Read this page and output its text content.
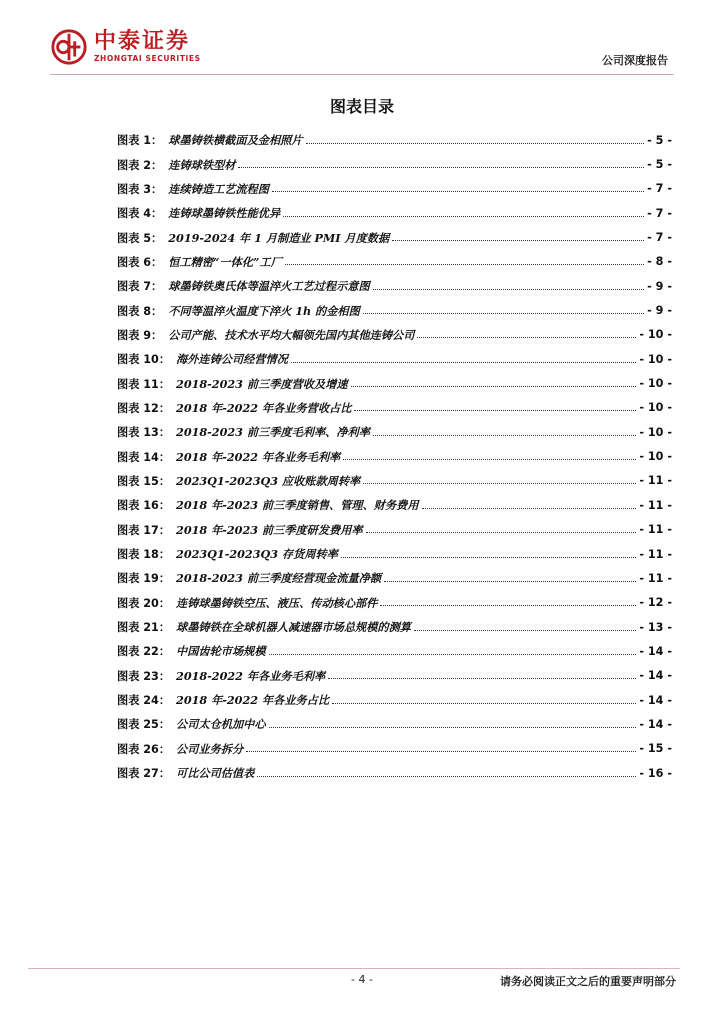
中泰证券
ZHONGTAI SECURITIES	公司深度报告
图表目录
图表 1： 球墨铸铁横截面及金相照片	- 5 -
图表 2： 连铸球铁型材	- 5 -
图表 3： 连续铸造工艺流程图	- 7 -
图表 4： 连铸球墨铸铁性能优异	- 7 -
图表 5： 2019-2024 年 1 月制造业 PMI 月度数据	- 7 -
图表 6： 恒工精密“一体化”工厂	- 8 -
图表 7： 球墨铸铁奥氏体等温淬火工艺过程示意图	- 9 -
图表 8： 不同等温淬火温度下淬火 1h 的金相图	- 9 -
图表 9： 公司产能、技术水平均大幅领先国内其他连铸公司	- 10 -
图表 10： 海外连铸公司经营情况	- 10 -
图表 11： 2018-2023 前三季度营收及增速	- 10 -
图表 12： 2018 年-2022 年各业务营收占比	- 10 -
图表 13： 2018-2023 前三季度毛利率、净利率	- 10 -
图表 14： 2018 年-2022 年各业务毛利率	- 10 -
图表 15： 2023Q1-2023Q3 应收账款周转率	- 11 -
图表 16： 2018 年-2023 前三季度销售、管理、财务费用	- 11 -
图表 17： 2018 年-2023 前三季度研发费用率	- 11 -
图表 18： 2023Q1-2023Q3 存货周转率	- 11 -
图表 19： 2018-2023 前三季度经营现金流量净额	- 11 -
图表 20： 连铸球墨铸铁空压、液压、传动核心部件	- 12 -
图表 21： 球墨铸铁在全球机器人减速器市场总规模的测算	- 13 -
图表 22： 中国齿轮市场规模	- 14 -
图表 23： 2018-2022 年各业务毛利率	- 14 -
图表 24： 2018 年-2022 年各业务占比	- 14 -
图表 25： 公司太仓机加中心	- 14 -
图表 26： 公司业务拆分	- 15 -
图表 27： 可比公司估值表	- 16 -
- 4 -	请务必阅读正文之后的重要声明部分
